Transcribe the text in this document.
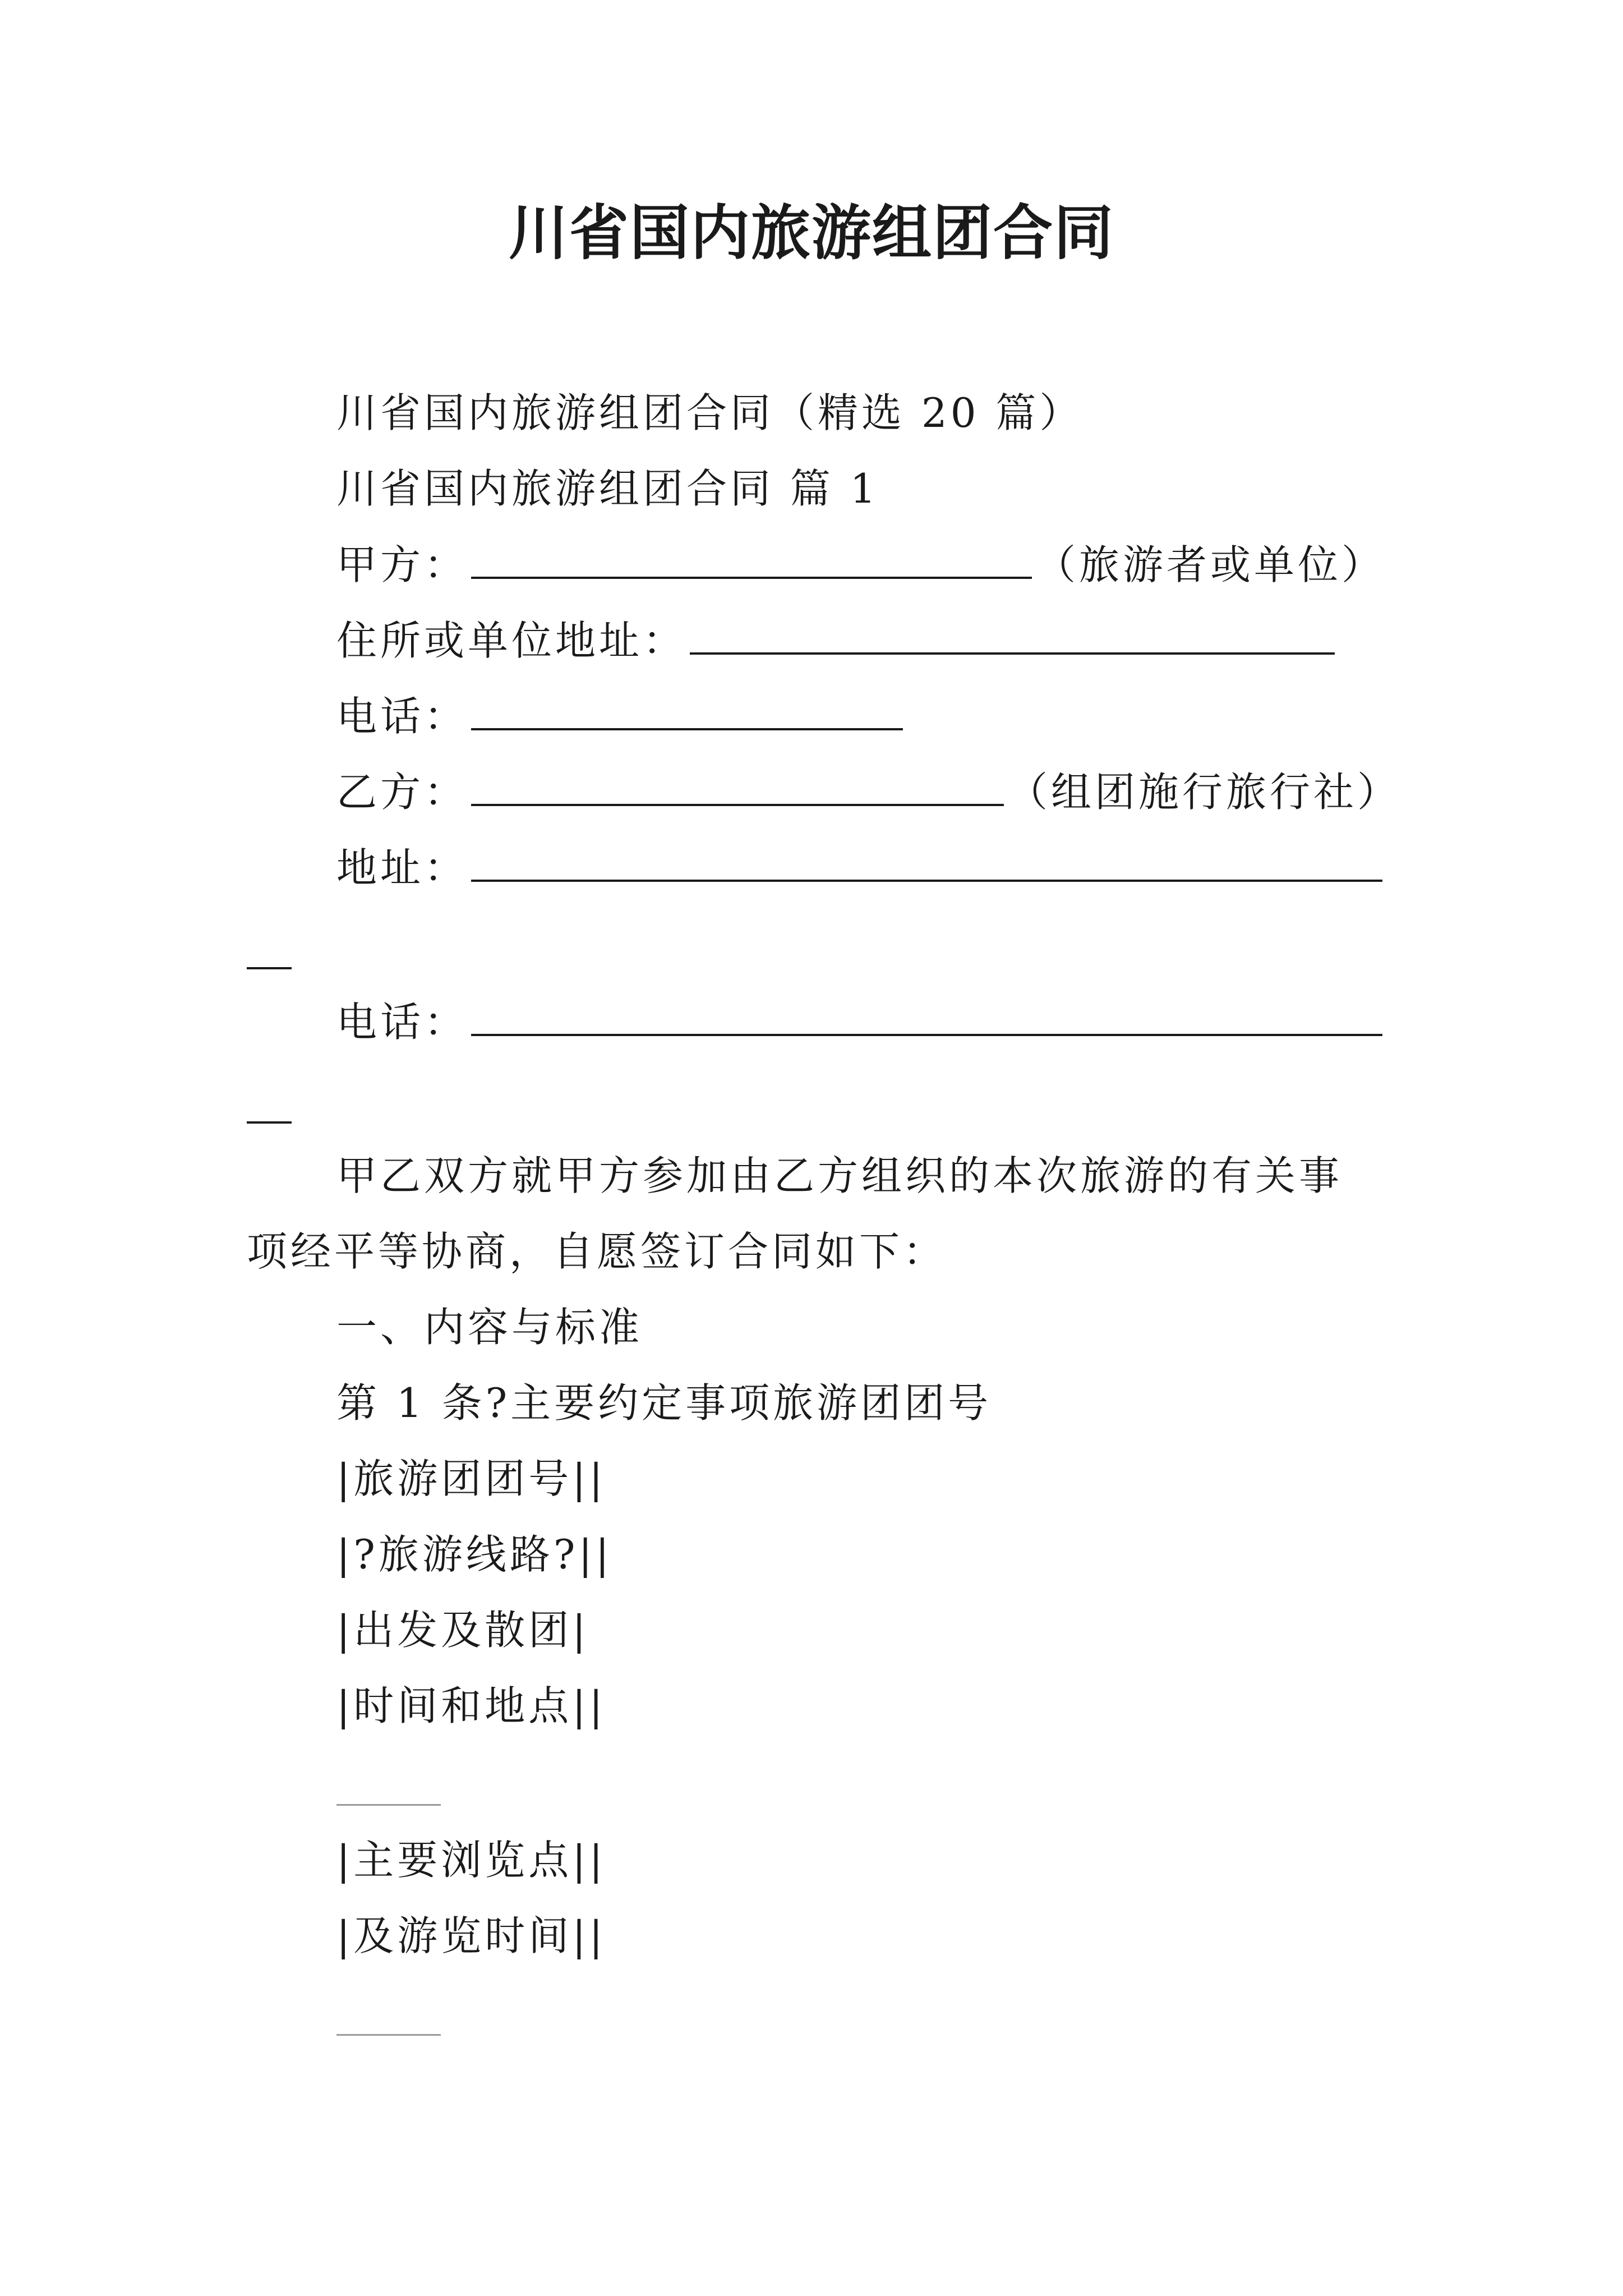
川省国内旅游组团合同
川省国内旅游组团合同（精选 20 篇）
川省国内旅游组团合同 篇 1
甲方：	（旅游者或单位）
住所或单位地址：
电话：
乙方：	（组团施行旅行社）
地址：
电话：
甲乙双方就甲方参加由乙方组织的本次旅游的有关事
项经平等协商，自愿签订合同如下：
一、内容与标准
第 1 条?主要约定事项旅游团团号
|旅游团团号||
|?旅游线路?||
|出发及散团|
|时间和地点||
|主要浏览点||
|及游览时间||
